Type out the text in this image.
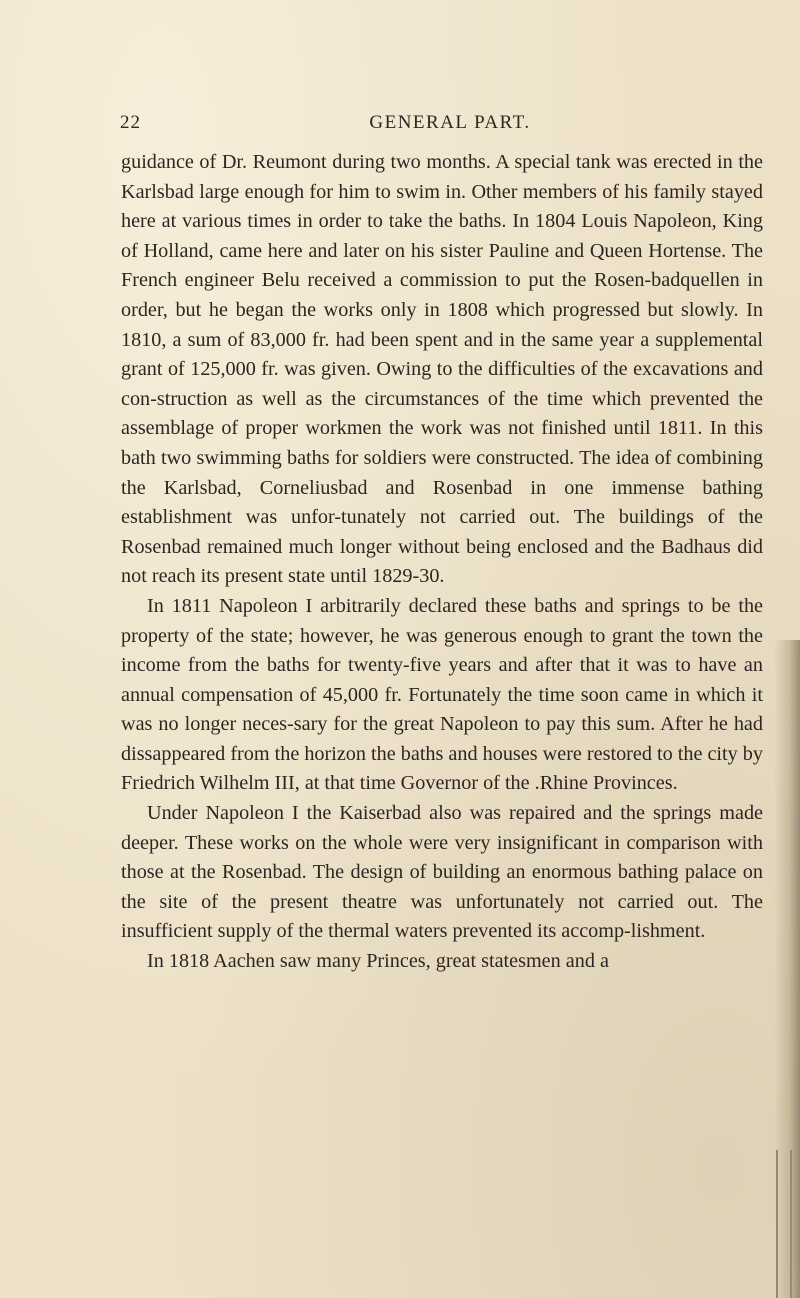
22	GENERAL PART.

guidance of Dr. Reumont during two months. A special tank was erected in the Karlsbad large enough for him to swim in. Other members of his family stayed here at various times in order to take the baths. In 1804 Louis Napoleon, King of Holland, came here and later on his sister Pauline and Queen Hortense. The French engineer Belu received a commission to put the Rosen-badquellen in order, but he began the works only in 1808 which progressed but slowly. In 1810, a sum of 83,000 fr. had been spent and in the same year a supplemental grant of 125,000 fr. was given. Owing to the difficulties of the excavations and con-struction as well as the circumstances of the time which prevented the assemblage of proper workmen the work was not finished until 1811. In this bath two swimming baths for soldiers were constructed. The idea of combining the Karlsbad, Corneliusbad and Rosenbad in one immense bathing establishment was unfor-tunately not carried out. The buildings of the Rosenbad remained much longer without being enclosed and the Badhaus did not reach its present state until 1829-30.

In 1811 Napoleon I arbitrarily declared these baths and springs to be the property of the state; however, he was generous enough to grant the town the income from the baths for twenty-five years and after that it was to have an annual compensation of 45,000 fr. Fortunately the time soon came in which it was no longer neces-sary for the great Napoleon to pay this sum. After he had dissappeared from the horizon the baths and houses were restored to the city by Friedrich Wilhelm III, at that time Governor of the .Rhine Provinces.

Under Napoleon I the Kaiserbad also was repaired and the springs made deeper. These works on the whole were very insignificant in comparison with those at the Rosenbad. The design of building an enormous bathing palace on the site of the present theatre was unfortunately not carried out. The insufficient supply of the thermal waters prevented its accomp-lishment.

In 1818 Aachen saw many Princes, great statesmen and a
